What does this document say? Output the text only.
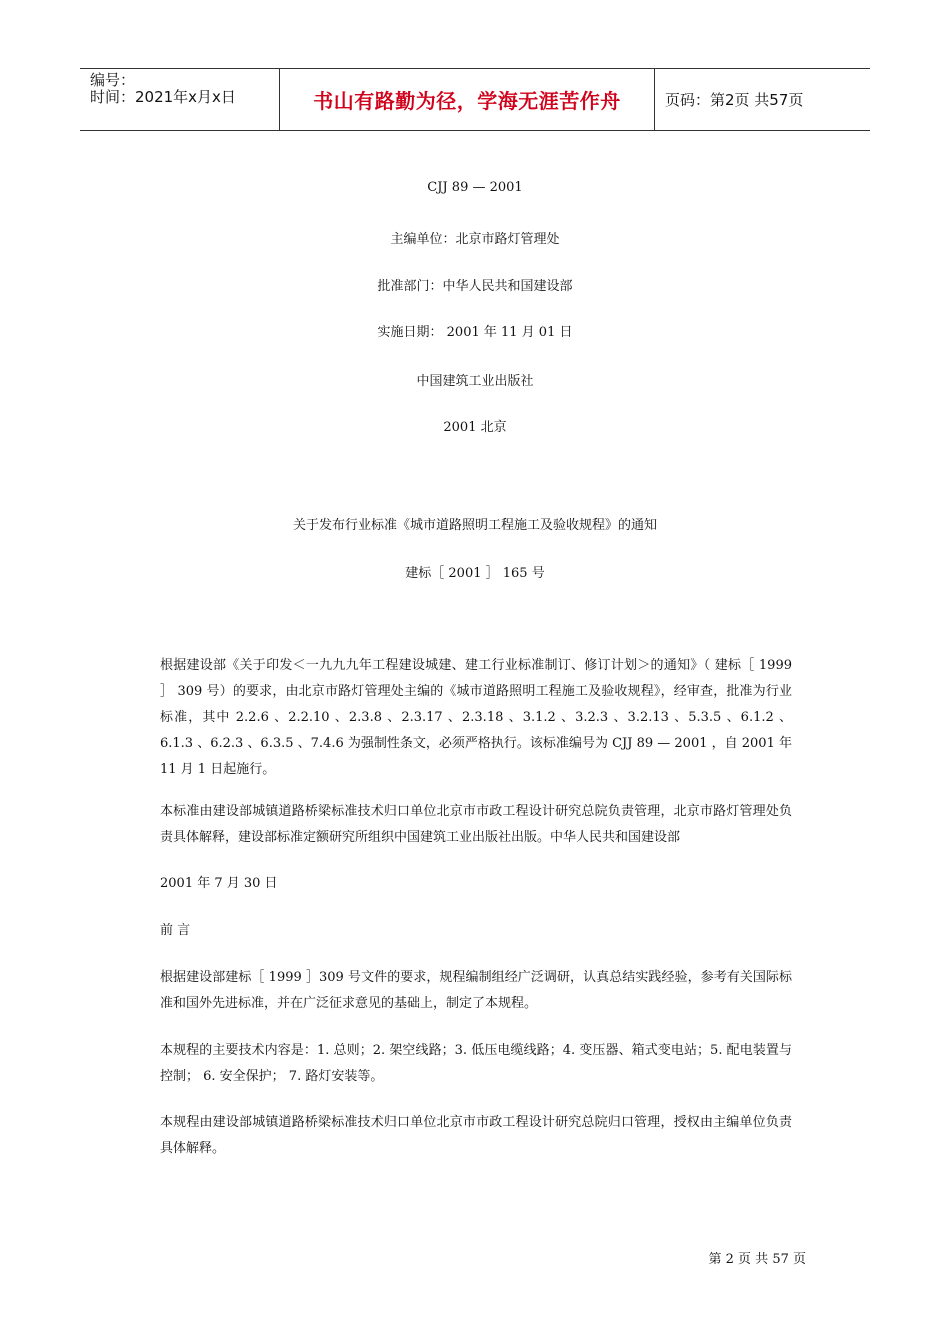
编号：
时间：2021年x月x日	书山有路勤为径，学海无涯苦作舟	页码：第2页 共57页
CJJ 89 — 2001
主编单位：北京市路灯管理处
批准部门：中华人民共和国建设部
实施日期： 2001 年 11 月 01 日
中国建筑工业出版社
2001 北京
关于发布行业标准《城市道路照明工程施工及验收规程》的通知
建标［ 2001 ］ 165 号
根据建设部《关于印发＜一九九九年工程建设城建、建工行业标准制订、修订计划＞的通知》（ 建标［ 1999 ］ 309 号）的要求，由北京市路灯管理处主编的《城市道路照明工程施工及验收规程》，经审查，批准为行业标准，其中 2.2.6 、2.2.10 、2.3.8 、2.3.17 、2.3.18 、3.1.2 、3.2.3 、3.2.13 、5.3.5 、6.1.2 、6.1.3 、6.2.3 、6.3.5 、7.4.6 为强制性条文，必须严格执行。该标准编号为 CJJ 89 — 2001 ，自 2001 年 11 月 1 日起施行。
本标准由建设部城镇道路桥梁标准技术归口单位北京市市政工程设计研究总院负责管理，北京市路灯管理处负责具体解释，建设部标准定额研究所组织中国建筑工业出版社出版。中华人民共和国建设部
2001 年 7 月 30 日
前 言
根据建设部建标［ 1999 ］309 号文件的要求，规程编制组经广泛调研，认真总结实践经验，参考有关国际标准和国外先进标准，并在广泛征求意见的基础上，制定了本规程。
本规程的主要技术内容是：1. 总则；2. 架空线路；3. 低压电缆线路；4. 变压器、箱式变电站；5. 配电装置与控制； 6. 安全保护； 7. 路灯安装等。
本规程由建设部城镇道路桥梁标准技术归口单位北京市市政工程设计研究总院归口管理，授权由主编单位负责具体解释。
第 2 页 共 57 页
